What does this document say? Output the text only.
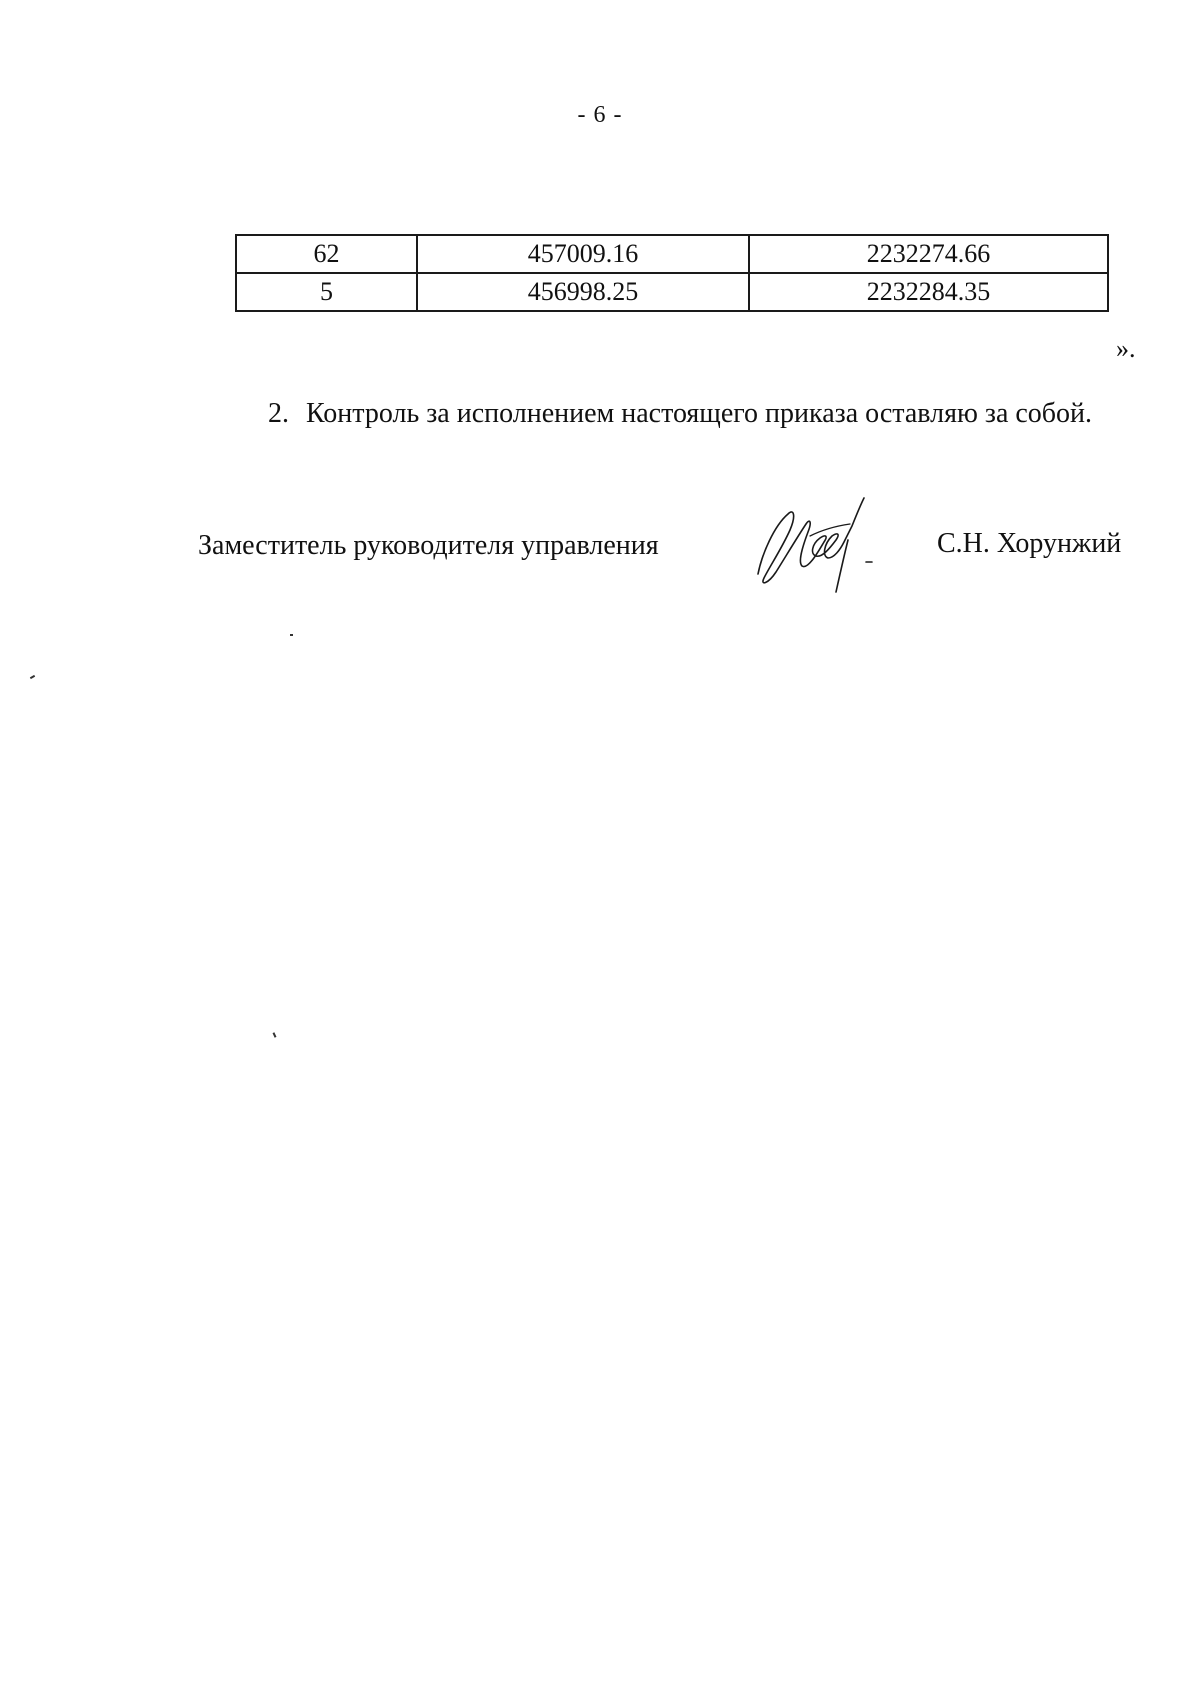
- 6 -
62	457009.16	2232274.66
5	456998.25	2232284.35
».
2. Контроль за исполнением настоящего приказа оставляю за собой.
Заместитель руководителя управления	С.Н. Хорунжий
